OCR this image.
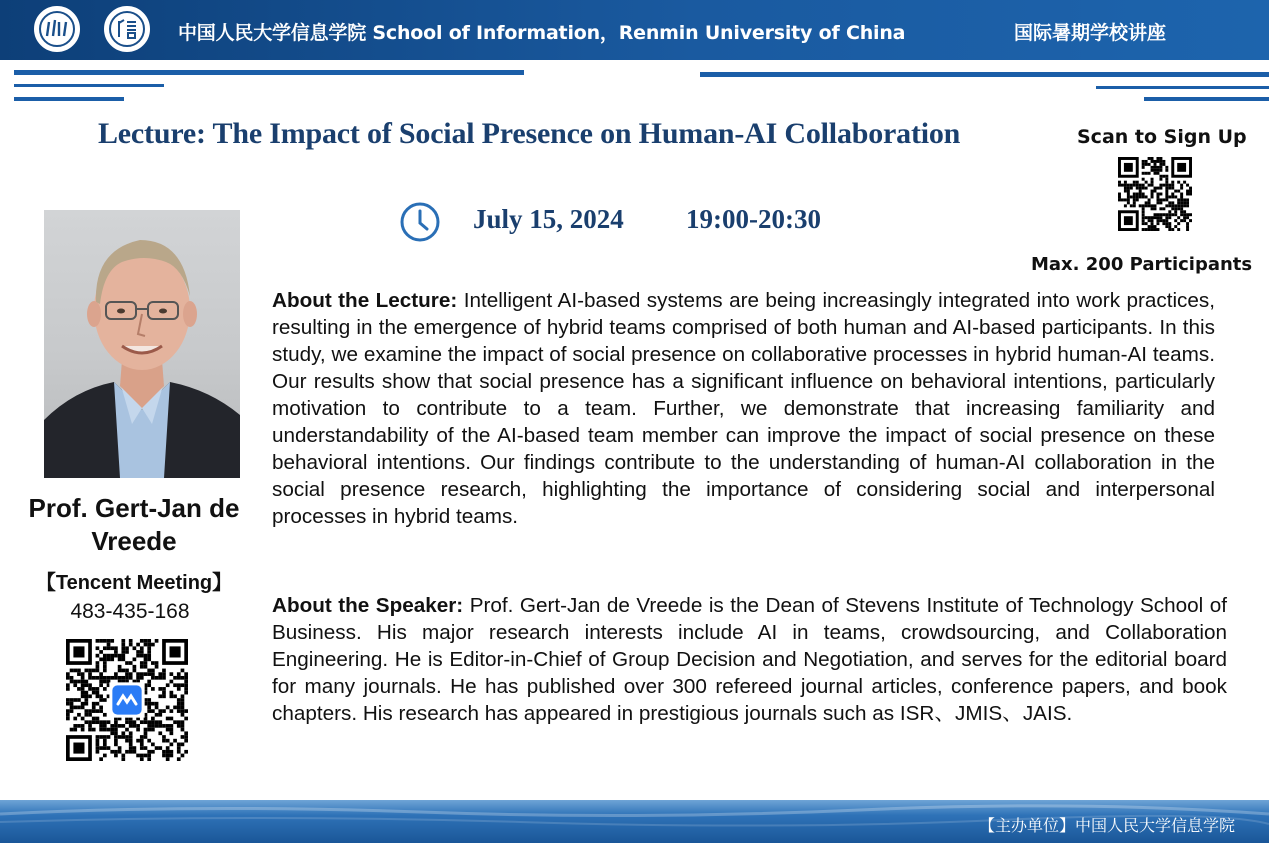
中国人民大学信息学院 School of Information，Renmin University of China	国际暑期学校讲座
Lecture: The Impact of Social Presence on Human-AI Collaboration	Scan to Sign Up
Max. 200 Participants
July 15, 2024 19:00-20:30
Prof. Gert-Jan de Vreede
【Tencent Meeting】
483-435-168

About the Lecture: Intelligent AI-based systems are being increasingly integrated into work practices, resulting in the emergence of hybrid teams comprised of both human and AI-based participants. In this study, we examine the impact of social presence on collaborative processes in hybrid human-AI teams. Our results show that social presence has a significant influence on behavioral intentions, particularly motivation to contribute to a team. Further, we demonstrate that increasing familiarity and understandability of the AI-based team member can improve the impact of social presence on these behavioral intentions. Our findings contribute to the understanding of human-AI collaboration in the social presence research, highlighting the importance of considering social and interpersonal processes in hybrid teams.

About the Speaker: Prof. Gert-Jan de Vreede is the Dean of Stevens Institute of Technology School of Business. His major research interests include AI in teams, crowdsourcing, and Collaboration Engineering. He is Editor-in-Chief of Group Decision and Negotiation, and serves for the editorial board for many journals. He has published over 300 refereed journal articles, conference papers, and book chapters. His research has appeared in prestigious journals such as ISR、JMIS、JAIS.

【主办单位】中国人民大学信息学院
